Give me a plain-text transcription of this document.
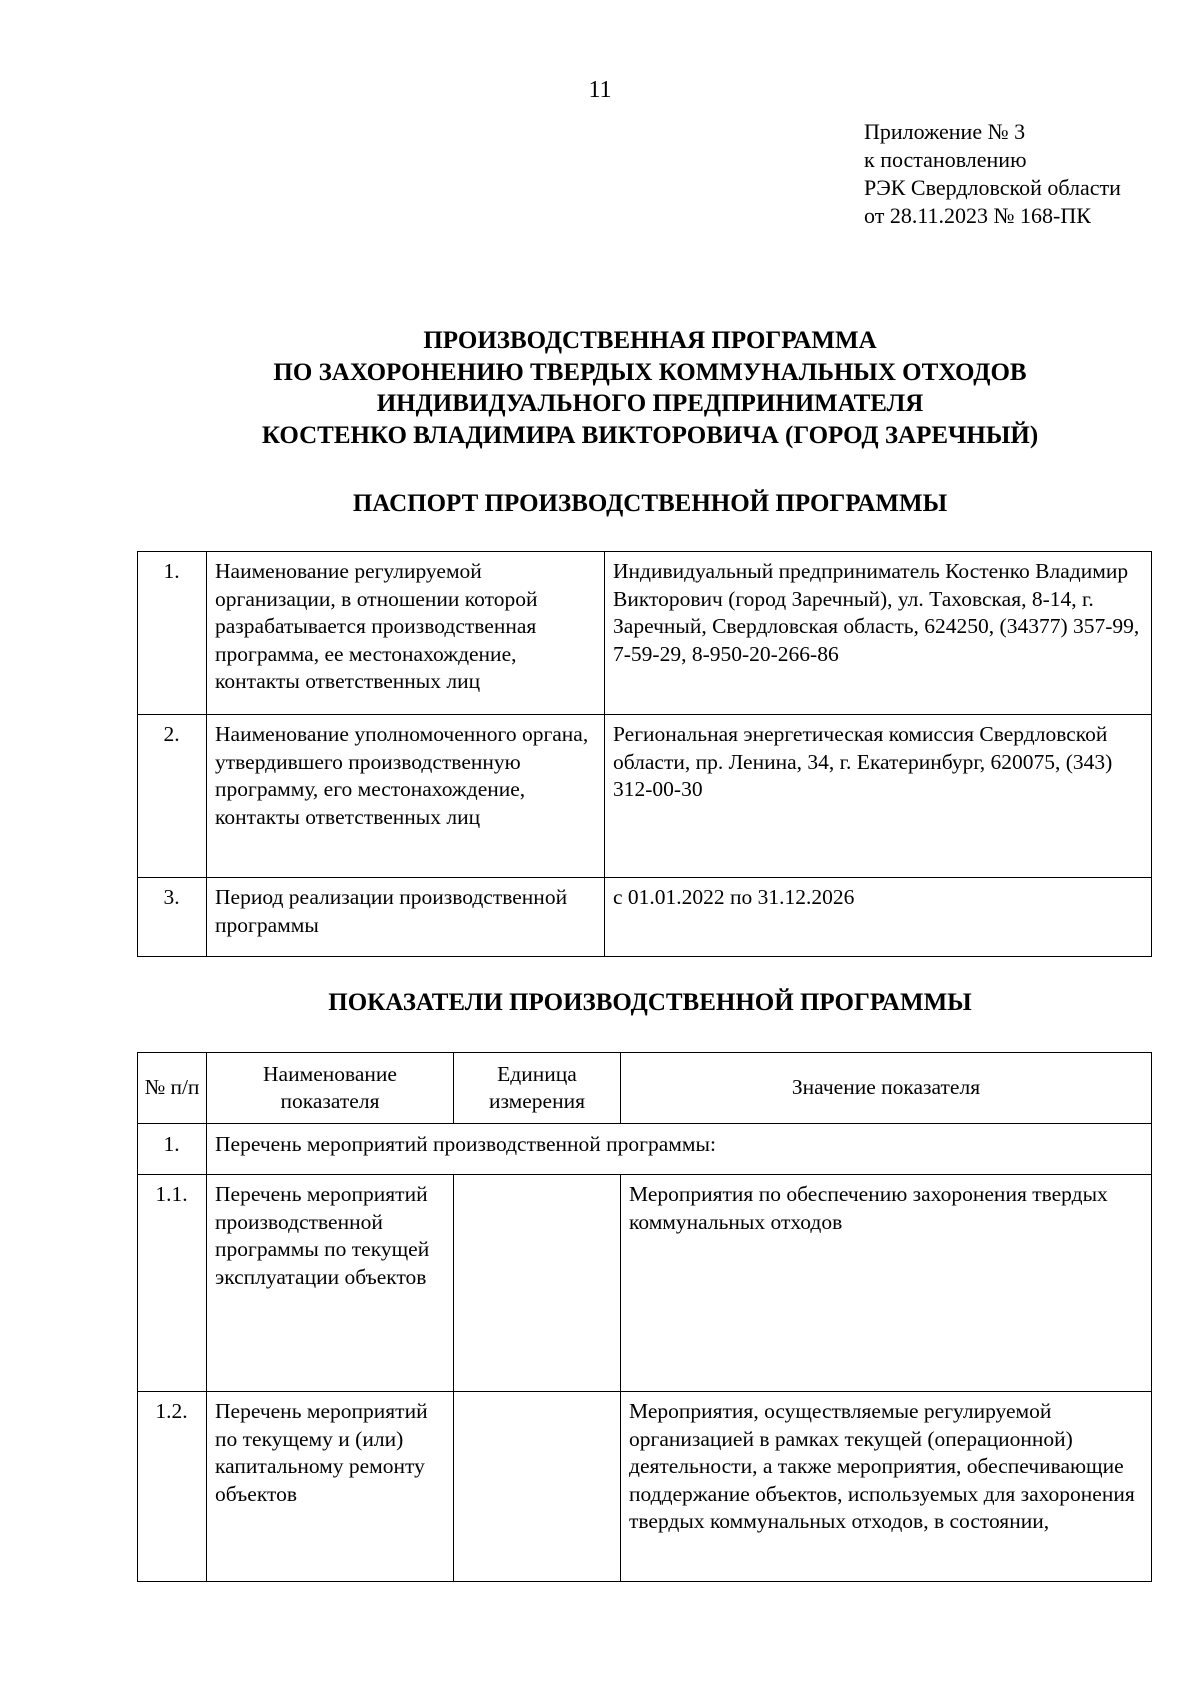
11
Приложение № 3
к постановлению
РЭК Свердловской области
от 28.11.2023 № 168-ПК
ПРОИЗВОДСТВЕННАЯ ПРОГРАММА
ПО ЗАХОРОНЕНИЮ ТВЕРДЫХ КОММУНАЛЬНЫХ ОТХОДОВ
ИНДИВИДУАЛЬНОГО ПРЕДПРИНИМАТЕЛЯ
КОСТЕНКО ВЛАДИМИРА ВИКТОРОВИЧА (ГОРОД ЗАРЕЧНЫЙ)
ПАСПОРТ ПРОИЗВОДСТВЕННОЙ ПРОГРАММЫ
1.	Наименование регулируемой организации, в отношении которой разрабатывается производственная программа, ее местонахождение, контакты ответственных лиц	Индивидуальный предприниматель Костенко Владимир Викторович (город Заречный), ул. Таховская, 8-14, г. Заречный, Свердловская область, 624250, (34377) 357-99, 7-59-29, 8-950-20-266-86
2.	Наименование уполномоченного органа, утвердившего производственную программу, его местонахождение, контакты ответственных лиц	Региональная энергетическая комиссия Свердловской области, пр. Ленина, 34, г. Екатеринбург, 620075, (343) 312-00-30
3.	Период реализации производственной программы	с 01.01.2022 по 31.12.2026
ПОКАЗАТЕЛИ ПРОИЗВОДСТВЕННОЙ ПРОГРАММЫ
№ п/п	Наименование показателя	Единица измерения	Значение показателя
1.	Перечень мероприятий производственной программы:		
1.1.	Перечень мероприятий производственной программы по текущей эксплуатации объектов		Мероприятия по обеспечению захоронения твердых коммунальных отходов
1.2.	Перечень мероприятий по текущему и (или) капитальному ремонту объектов		Мероприятия, осуществляемые регулируемой организацией в рамках текущей (операционной) деятельности, а также мероприятия, обеспечивающие поддержание объектов, используемых для захоронения твердых коммунальных отходов, в состоянии,
